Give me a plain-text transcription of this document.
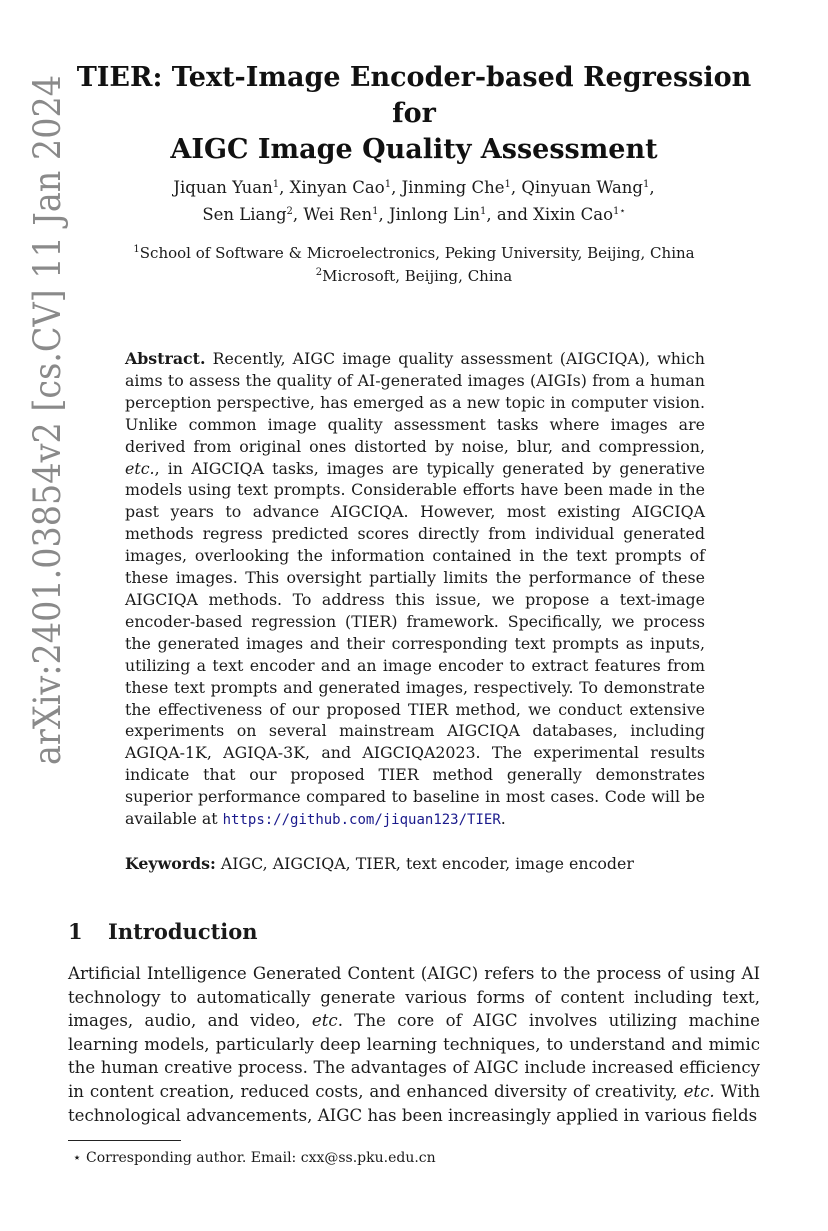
arXiv:2401.03854v2 [cs.CV] 11 Jan 2024 TIER: Text-Image Encoder-based Regression for
AIGC Image Quality Assessment
Jiquan Yuan$^1$, Xinyan Cao$^1$, Jinming Che$^1$, Qinyuan Wang$^1$,
Sen Liang$^2$, Wei Ren$^1$, Jinlong Lin$^1$, and Xixin Cao$^{1⋆}$
$^1$School of Software & Microelectronics, Peking University, Beijing, China
$^2$Microsoft, Beijing, China
Abstract. Recently, AIGC image quality assessment (AIGCIQA), which aims to assess the quality of AI-generated images (AIGIs) from a human perception perspective, has emerged as a new topic in computer vision. Unlike common image quality assessment tasks where images are derived from original ones distorted by noise, blur, and compression, etc., in AIGCIQA tasks, images are typically generated by generative models using text prompts. Considerable efforts have been made in the past years to advance AIGCIQA. However, most existing AIGCIQA methods regress predicted scores directly from individual generated images, overlooking the information contained in the text prompts of these images. This oversight partially limits the performance of these AIGCIQA methods. To address this issue, we propose a text-image encoder-based regression (TIER) framework. Specifically, we process the generated images and their corresponding text prompts as inputs, utilizing a text encoder and an image encoder to extract features from these text prompts and generated images, respectively. To demonstrate the effectiveness of our proposed TIER method, we conduct extensive experiments on several mainstream AIGCIQA databases, including AGIQA-1K, AGIQA-3K, and AIGCIQA2023. The experimental results indicate that our proposed TIER method generally demonstrates superior performance compared to baseline in most cases. Code will be available at https://github.com/jiquan123/TIER.
Keywords: AIGC, AIGCIQA, TIER, text encoder, image encoder
1 Introduction
Artificial Intelligence Generated Content (AIGC) refers to the process of using AI technology to automatically generate various forms of content including text, images, audio, and video, etc. The core of AIGC involves utilizing machine learning models, particularly deep learning techniques, to understand and mimic the human creative process. The advantages of AIGC include increased efficiency in content creation, reduced costs, and enhanced diversity of creativity, etc. With technological advancements, AIGC has been increasingly applied in various fields
⋆ Corresponding author. Email: cxx@ss.pku.edu.cn
